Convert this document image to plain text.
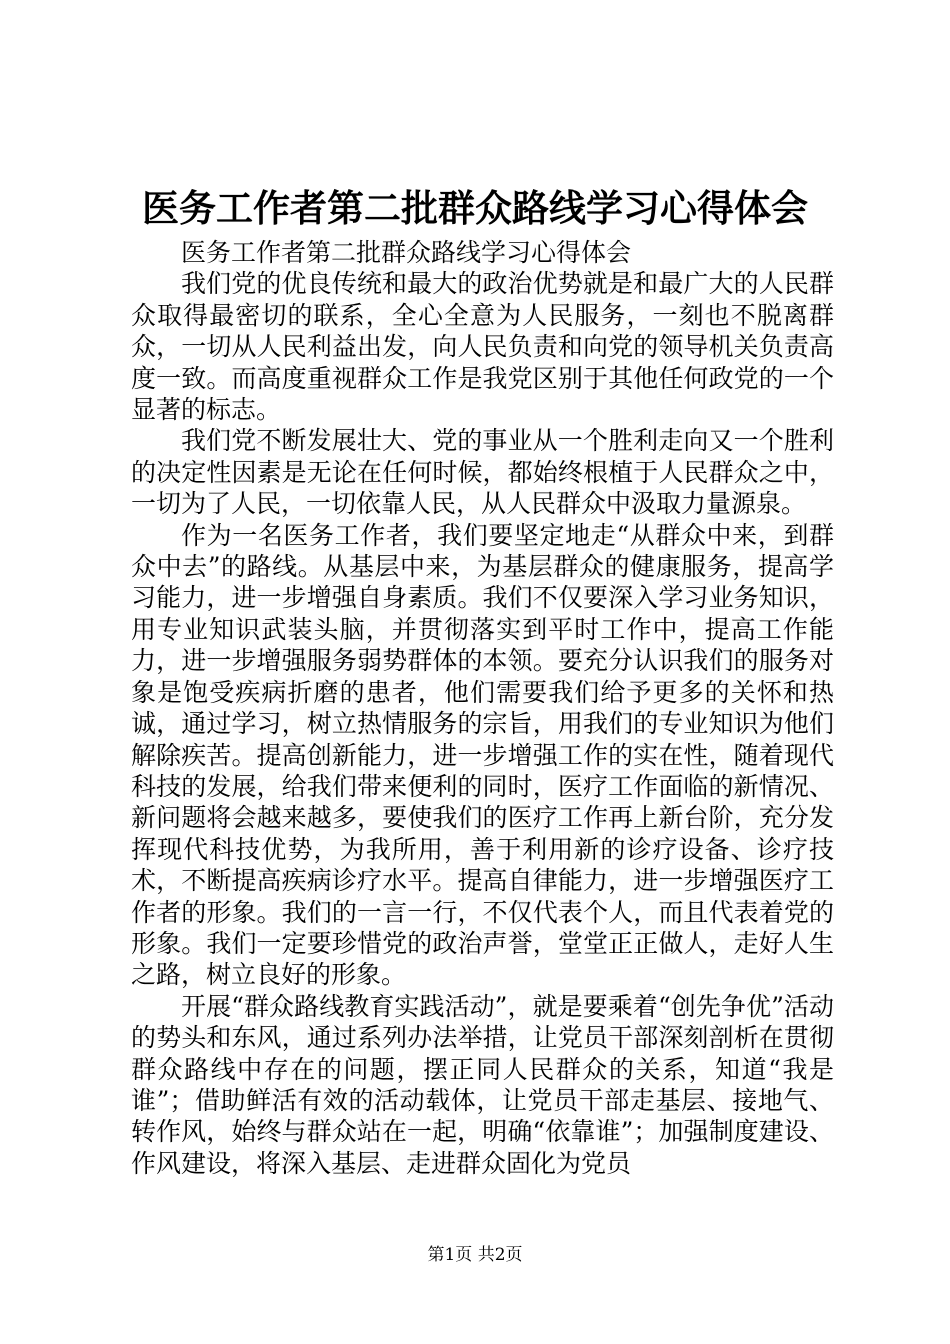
医务工作者第二批群众路线学习心得体会

医务工作者第二批群众路线学习心得体会

我们党的优良传统和最大的政治优势就是和最广大的人民群众取得最密切的联系，全心全意为人民服务，一刻也不脱离群众，一切从人民利益出发，向人民负责和向党的领导机关负责高度一致。而高度重视群众工作是我党区别于其他任何政党的一个显著的标志。

我们党不断发展壮大、党的事业从一个胜利走向又一个胜利的决定性因素是无论在任何时候，都始终根植于人民群众之中，一切为了人民，一切依靠人民，从人民群众中汲取力量源泉。

作为一名医务工作者，我们要坚定地走“从群众中来，到群众中去”的路线。从基层中来，为基层群众的健康服务，提高学习能力，进一步增强自身素质。我们不仅要深入学习业务知识，用专业知识武装头脑，并贯彻落实到平时工作中，提高工作能力，进一步增强服务弱势群体的本领。要充分认识我们的服务对象是饱受疾病折磨的患者，他们需要我们给予更多的关怀和热诚，通过学习，树立热情服务的宗旨，用我们的专业知识为他们解除疾苦。提高创新能力，进一步增强工作的实在性，随着现代科技的发展，给我们带来便利的同时，医疗工作面临的新情况、新问题将会越来越多，要使我们的医疗工作再上新台阶，充分发挥现代科技优势，为我所用，善于利用新的诊疗设备、诊疗技术，不断提高疾病诊疗水平。提高自律能力，进一步增强医疗工作者的形象。我们的一言一行，不仅代表个人，而且代表着党的形象。我们一定要珍惜党的政治声誉，堂堂正正做人，走好人生之路，树立良好的形象。

开展“群众路线教育实践活动”，就是要乘着“创先争优”活动的势头和东风，通过系列办法举措，让党员干部深刻剖析在贯彻群众路线中存在的问题，摆正同人民群众的关系，知道“我是谁”；借助鲜活有效的活动载体，让党员干部走基层、接地气、转作风，始终与群众站在一起，明确“依靠谁”；加强制度建设、作风建设，将深入基层、走进群众固化为党员

第1页 共2页
